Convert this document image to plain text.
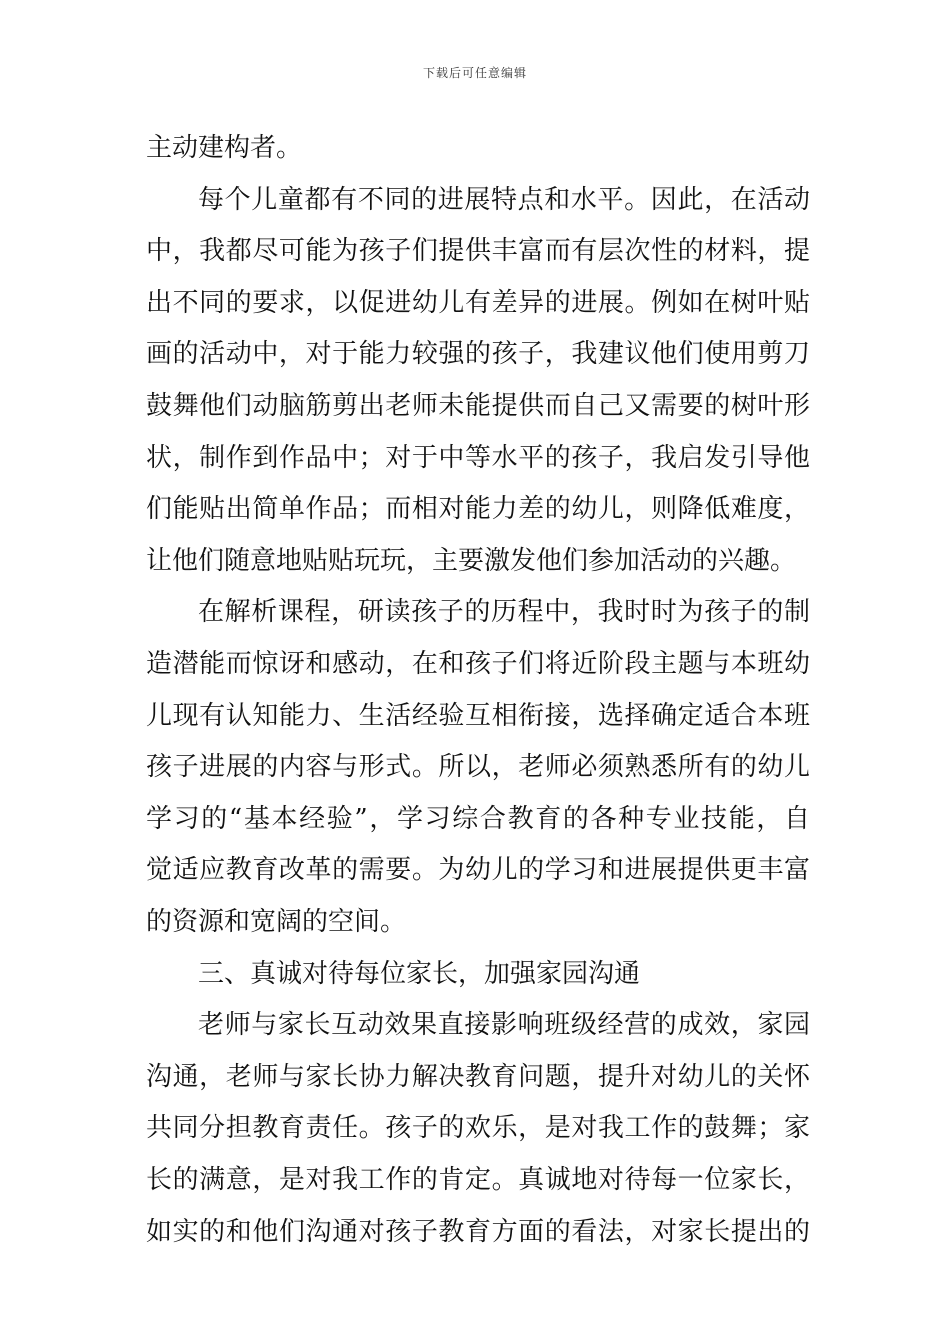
下载后可任意编辑
主动建构者。
每个儿童都有不同的进展特点和水平。因此，在活动
中，我都尽可能为孩子们提供丰富而有层次性的材料，提
出不同的要求，以促进幼儿有差异的进展。例如在树叶贴
画的活动中，对于能力较强的孩子，我建议他们使用剪刀
鼓舞他们动脑筋剪出老师未能提供而自己又需要的树叶形
状，制作到作品中；对于中等水平的孩子，我启发引导他
们能贴出简单作品；而相对能力差的幼儿，则降低难度，
让他们随意地贴贴玩玩，主要激发他们参加活动的兴趣。
在解析课程，研读孩子的历程中，我时时为孩子的制
造潜能而惊讶和感动，在和孩子们将近阶段主题与本班幼
儿现有认知能力、生活经验互相衔接，选择确定适合本班
孩子进展的内容与形式。所以，老师必须熟悉所有的幼儿
学习的“基本经验”，学习综合教育的各种专业技能，自
觉适应教育改革的需要。为幼儿的学习和进展提供更丰富
的资源和宽阔的空间。
三、真诚对待每位家长，加强家园沟通
老师与家长互动效果直接影响班级经营的成效，家园
沟通，老师与家长协力解决教育问题，提升对幼儿的关怀
共同分担教育责任。孩子的欢乐，是对我工作的鼓舞；家
长的满意，是对我工作的肯定。真诚地对待每一位家长，
如实的和他们沟通对孩子教育方面的看法，对家长提出的
